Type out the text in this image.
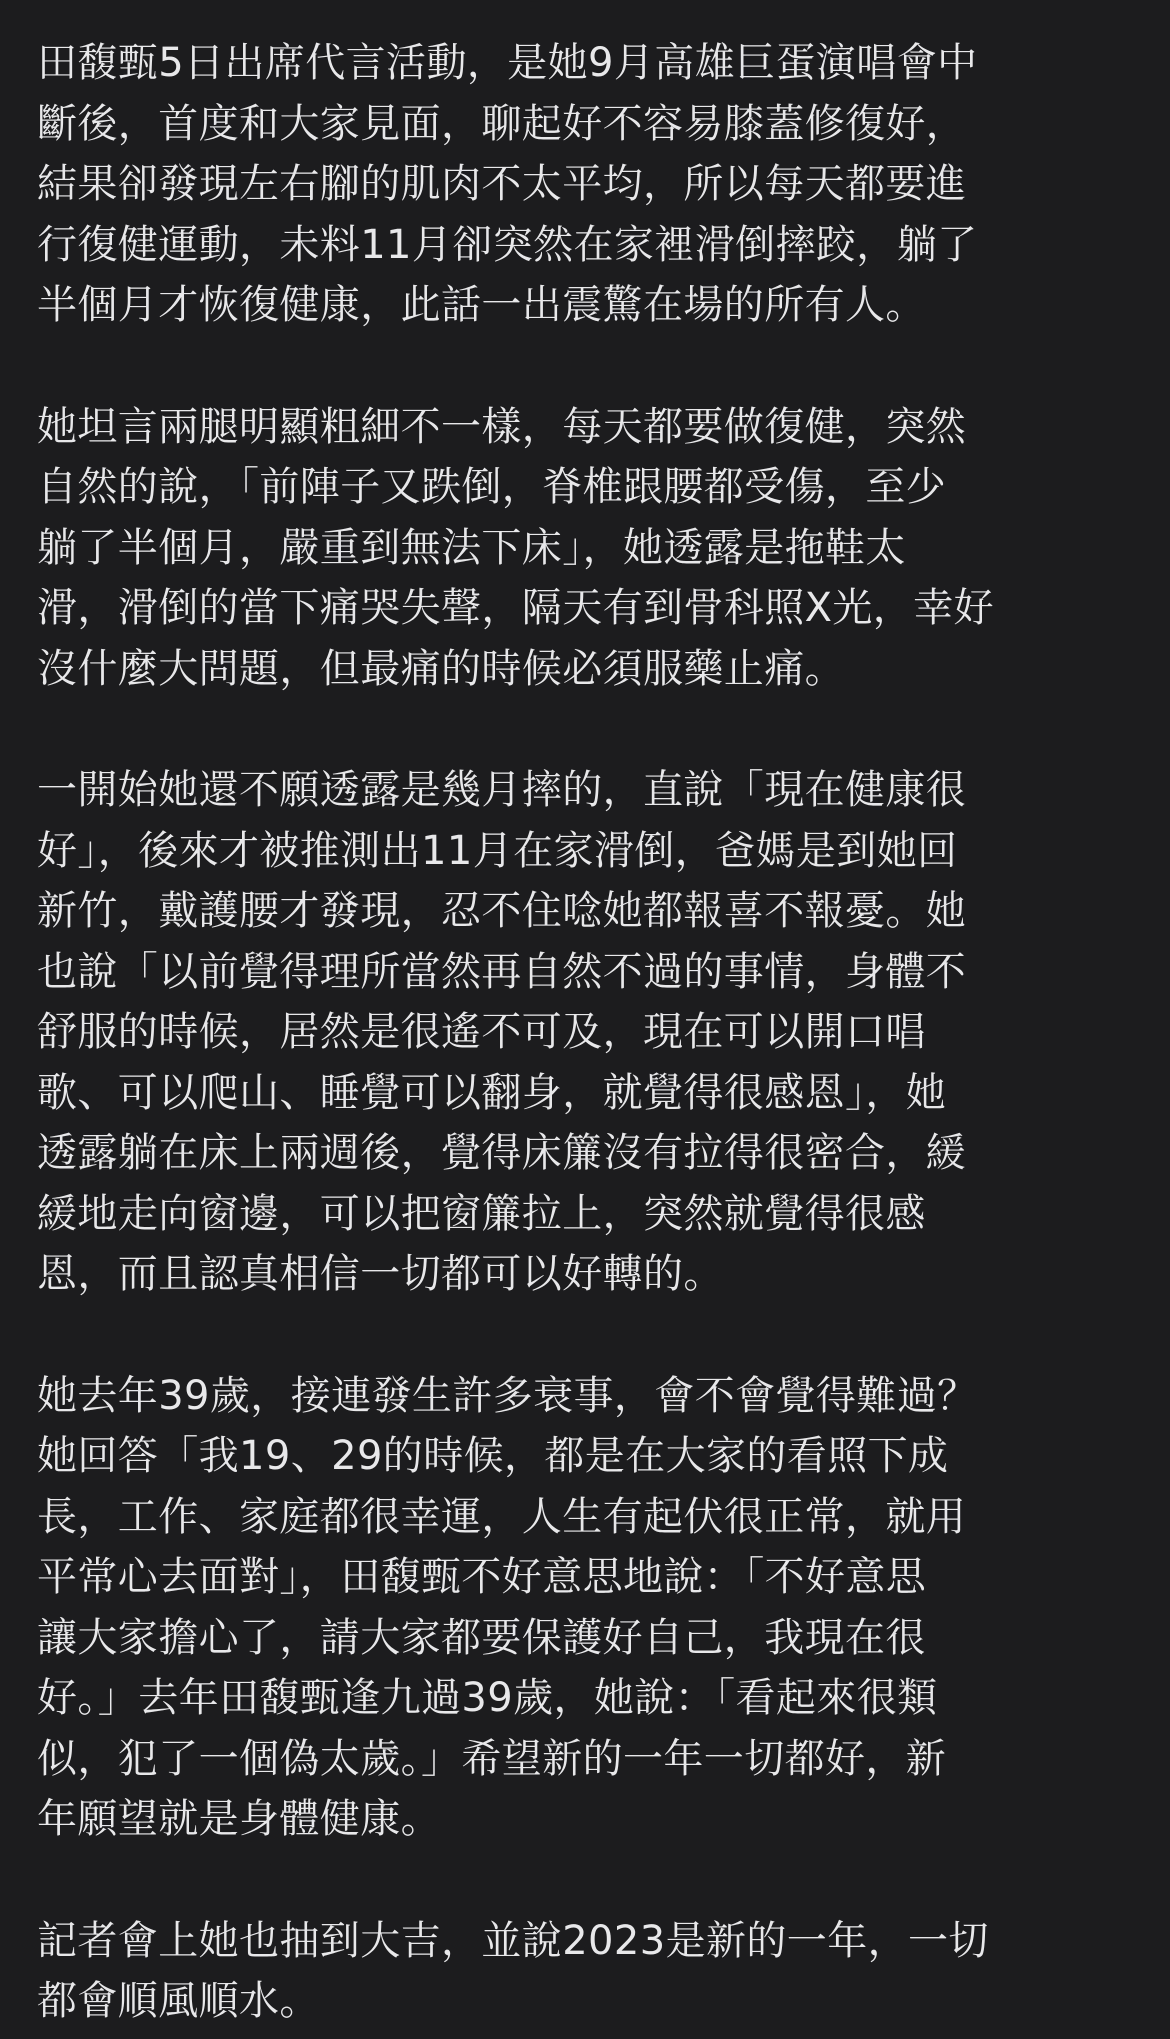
田馥甄5日出席代言活動，是她9月高雄巨蛋演唱會中
斷後，首度和大家見面，聊起好不容易膝蓋修復好，
結果卻發現左右腳的肌肉不太平均，所以每天都要進
行復健運動，未料11月卻突然在家裡滑倒摔跤，躺了
半個月才恢復健康，此話一出震驚在場的所有人。
她坦言兩腿明顯粗細不一樣，每天都要做復健，突然
自然的說，「前陣子又跌倒，脊椎跟腰都受傷，至少
躺了半個月，嚴重到無法下床」，她透露是拖鞋太
滑，滑倒的當下痛哭失聲，隔天有到骨科照X光，幸好
沒什麼大問題，但最痛的時候必須服藥止痛。
一開始她還不願透露是幾月摔的，直說「現在健康很
好」，後來才被推測出11月在家滑倒，爸媽是到她回
新竹，戴護腰才發現，忍不住唸她都報喜不報憂。她
也說「以前覺得理所當然再自然不過的事情，身體不
舒服的時候，居然是很遙不可及，現在可以開口唱
歌、可以爬山、睡覺可以翻身，就覺得很感恩」，她
透露躺在床上兩週後，覺得床簾沒有拉得很密合，緩
緩地走向窗邊，可以把窗簾拉上，突然就覺得很感
恩，而且認真相信一切都可以好轉的。
她去年39歲，接連發生許多衰事，會不會覺得難過？
她回答「我19、29的時候，都是在大家的看照下成
長，工作、家庭都很幸運，人生有起伏很正常，就用
平常心去面對」，田馥甄不好意思地說：「不好意思
讓大家擔心了，請大家都要保護好自己，我現在很
好。」去年田馥甄逢九過39歲，她說：「看起來很類
似，犯了一個偽太歲。」希望新的一年一切都好，新
年願望就是身體健康。
記者會上她也抽到大吉，並說2023是新的一年，一切
都會順風順水。
